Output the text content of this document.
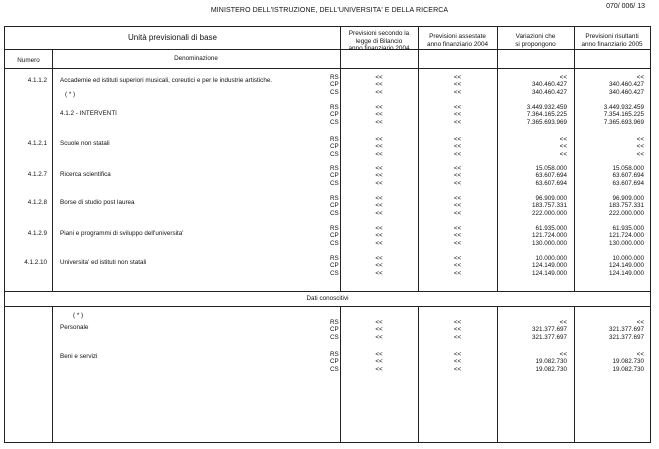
MINISTERO DELL'ISTRUZIONE, DELL'UNIVERSITA' E DELLA RICERCA
070/ 006/ 13
Unità previsionali di base
Numero	Denominazione
Previsioni secondo la
legge di Bilancio
anno finanziario 2004
Previsioni assestate
anno finanziario 2004
Variazioni che
si propongono
Previsioni risultanti
anno finanziario 2005
4.1.1.2 Accademie ed istituti superiori musicali, coreutici e per le industrie artistiche.
( * )
RS
CP
CS
<<
<<
<<
<<
<<
<<
<<
340.460.427
340.460.427
<<
340.460.427
340.460.427
4.1.2 - INTERVENTI
RS
CP
CS
<<
<<
<<
<<
<<
<<
3.449.932.459
7.364.165.225
7.365.693.969
3.449.932.459
7.354.165.225
7.365.693.969
4.1.2.1 Scuole non statali
RS
CP
CS
<<
<<
<<
<<
<<
<<
<<
<<
<<
<<
<<
<<
4.1.2.7 Ricerca scientifica
RS
CP
CS
<<
<<
<<
<<
<<
<<
15.058.000
63.607.694
63.607.694
15.058.000
63.607.694
63.607.694
4.1.2.8 Borse di studio post laurea
RS
CP
CS
<<
<<
<<
<<
<<
<<
96.909.000
183.757.331
222.000.000
96.909.000
183.757.331
222.000.000
4.1.2.9 Piani e programmi di sviluppo dell'universita'
RS
CP
CS
<<
<<
<<
<<
<<
<<
61.935.000
121.724.000
130.000.000
61.935.000
121.724.000
130.000.000
4.1.2.10 Universita' ed istituti non statali
RS
CP
CS
<<
<<
<<
<<
<<
<<
10.000.000
124.149.000
124.149.000
10.000.000
124.149.000
124.149.000
Dati conoscitivi
( * )
Personale
RS
CP
CS
<<
<<
<<
<<
<<
<<
<<
321.377.697
321.377.697
<<
321.377.697
321.377.697
Beni e servizi	RS
CP
CS
<<
<<
<<
<<
<<
<<
<<
19.082.730
19.082.730
<<
19.082.730
19.082.730
